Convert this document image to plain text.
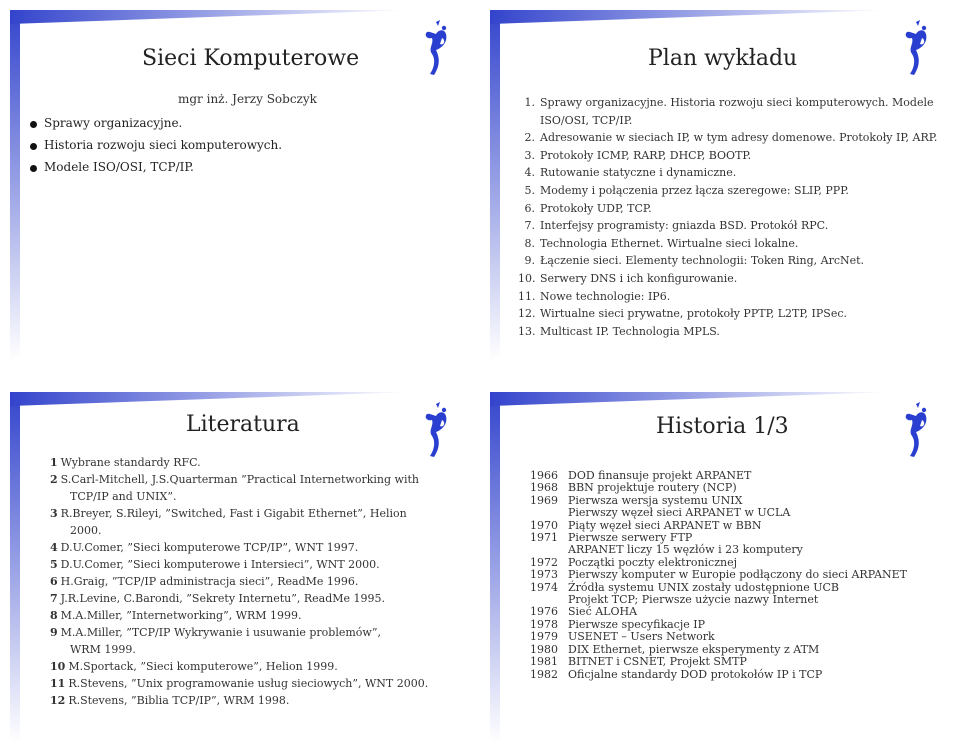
Sieci Komputerowe
mgr inż. Jerzy Sobczyk
Sprawy organizacyjne.
Historia rozwoju sieci komputerowych.
Modele ISO/OSI, TCP/IP.
Plan wykładu
1. Sprawy organizacyjne. Historia rozwoju sieci komputerowych. Modele
ISO/OSI, TCP/IP.
2. Adresowanie w sieciach IP, w tym adresy domenowe. Protokoły IP, ARP.
3. Protokoły ICMP, RARP, DHCP, BOOTP.
4. Rutowanie statyczne i dynamiczne.
5. Modemy i połączenia przez łącza szeregowe: SLIP, PPP.
6. Protokoły UDP, TCP.
7. Interfejsy programisty: gniazda BSD. Protokół RPC.
8. Technologia Ethernet. Wirtualne sieci lokalne.
9. Łączenie sieci. Elementy technologii: Token Ring, ArcNet.
10. Serwery DNS i ich konfigurowanie.
11. Nowe technologie: IP6.
12. Wirtualne sieci prywatne, protokoły PPTP, L2TP, IPSec.
13. Multicast IP. Technologia MPLS.
Literatura
1 Wybrane standardy RFC.
2 S.Carl-Mitchell, J.S.Quarterman ”Practical Internetworking with
TCP/IP and UNIX”.
3 R.Breyer, S.Rileyi, ”Switched, Fast i Gigabit Ethernet”, Helion
2000.
4 D.U.Comer, ”Sieci komputerowe TCP/IP”, WNT 1997.
5 D.U.Comer, ”Sieci komputerowe i Intersieci”, WNT 2000.
6 H.Graig, ”TCP/IP administracja sieci”, ReadMe 1996.
7 J.R.Levine, C.Barondi, ”Sekrety Internetu”, ReadMe 1995.
8 M.A.Miller, ”Internetworking”, WRM 1999.
9 M.A.Miller, ”TCP/IP Wykrywanie i usuwanie problemów”,
WRM 1999.
10 M.Sportack, ”Sieci komputerowe”, Helion 1999.
11 R.Stevens, ”Unix programowanie usług sieciowych”, WNT 2000.
12 R.Stevens, ”Biblia TCP/IP”, WRM 1998.
Historia 1/3
1966	DOD finansuje projekt ARPANET
1968	BBN projektuje routery (NCP)
1969	Pierwsza wersja systemu UNIX
	Pierwszy węzeł sieci ARPANET w UCLA
1970	Piąty węzeł sieci ARPANET w BBN
1971	Pierwsze serwery FTP
	ARPANET liczy 15 węzłów i 23 komputery
1972	Początki poczty elektronicznej
1973	Pierwszy komputer w Europie podłączony do sieci ARPANET
1974	Źródła systemu UNIX zostały udostępnione UCB
	Projekt TCP; Pierwsze użycie nazwy Internet
1976	Sieć ALOHA
1978	Pierwsze specyfikacje IP
1979	USENET – Users Network
1980	DIX Ethernet, pierwsze eksperymenty z ATM
1981	BITNET i CSNET, Projekt SMTP
1982	Oficjalne standardy DOD protokołów IP i TCP
